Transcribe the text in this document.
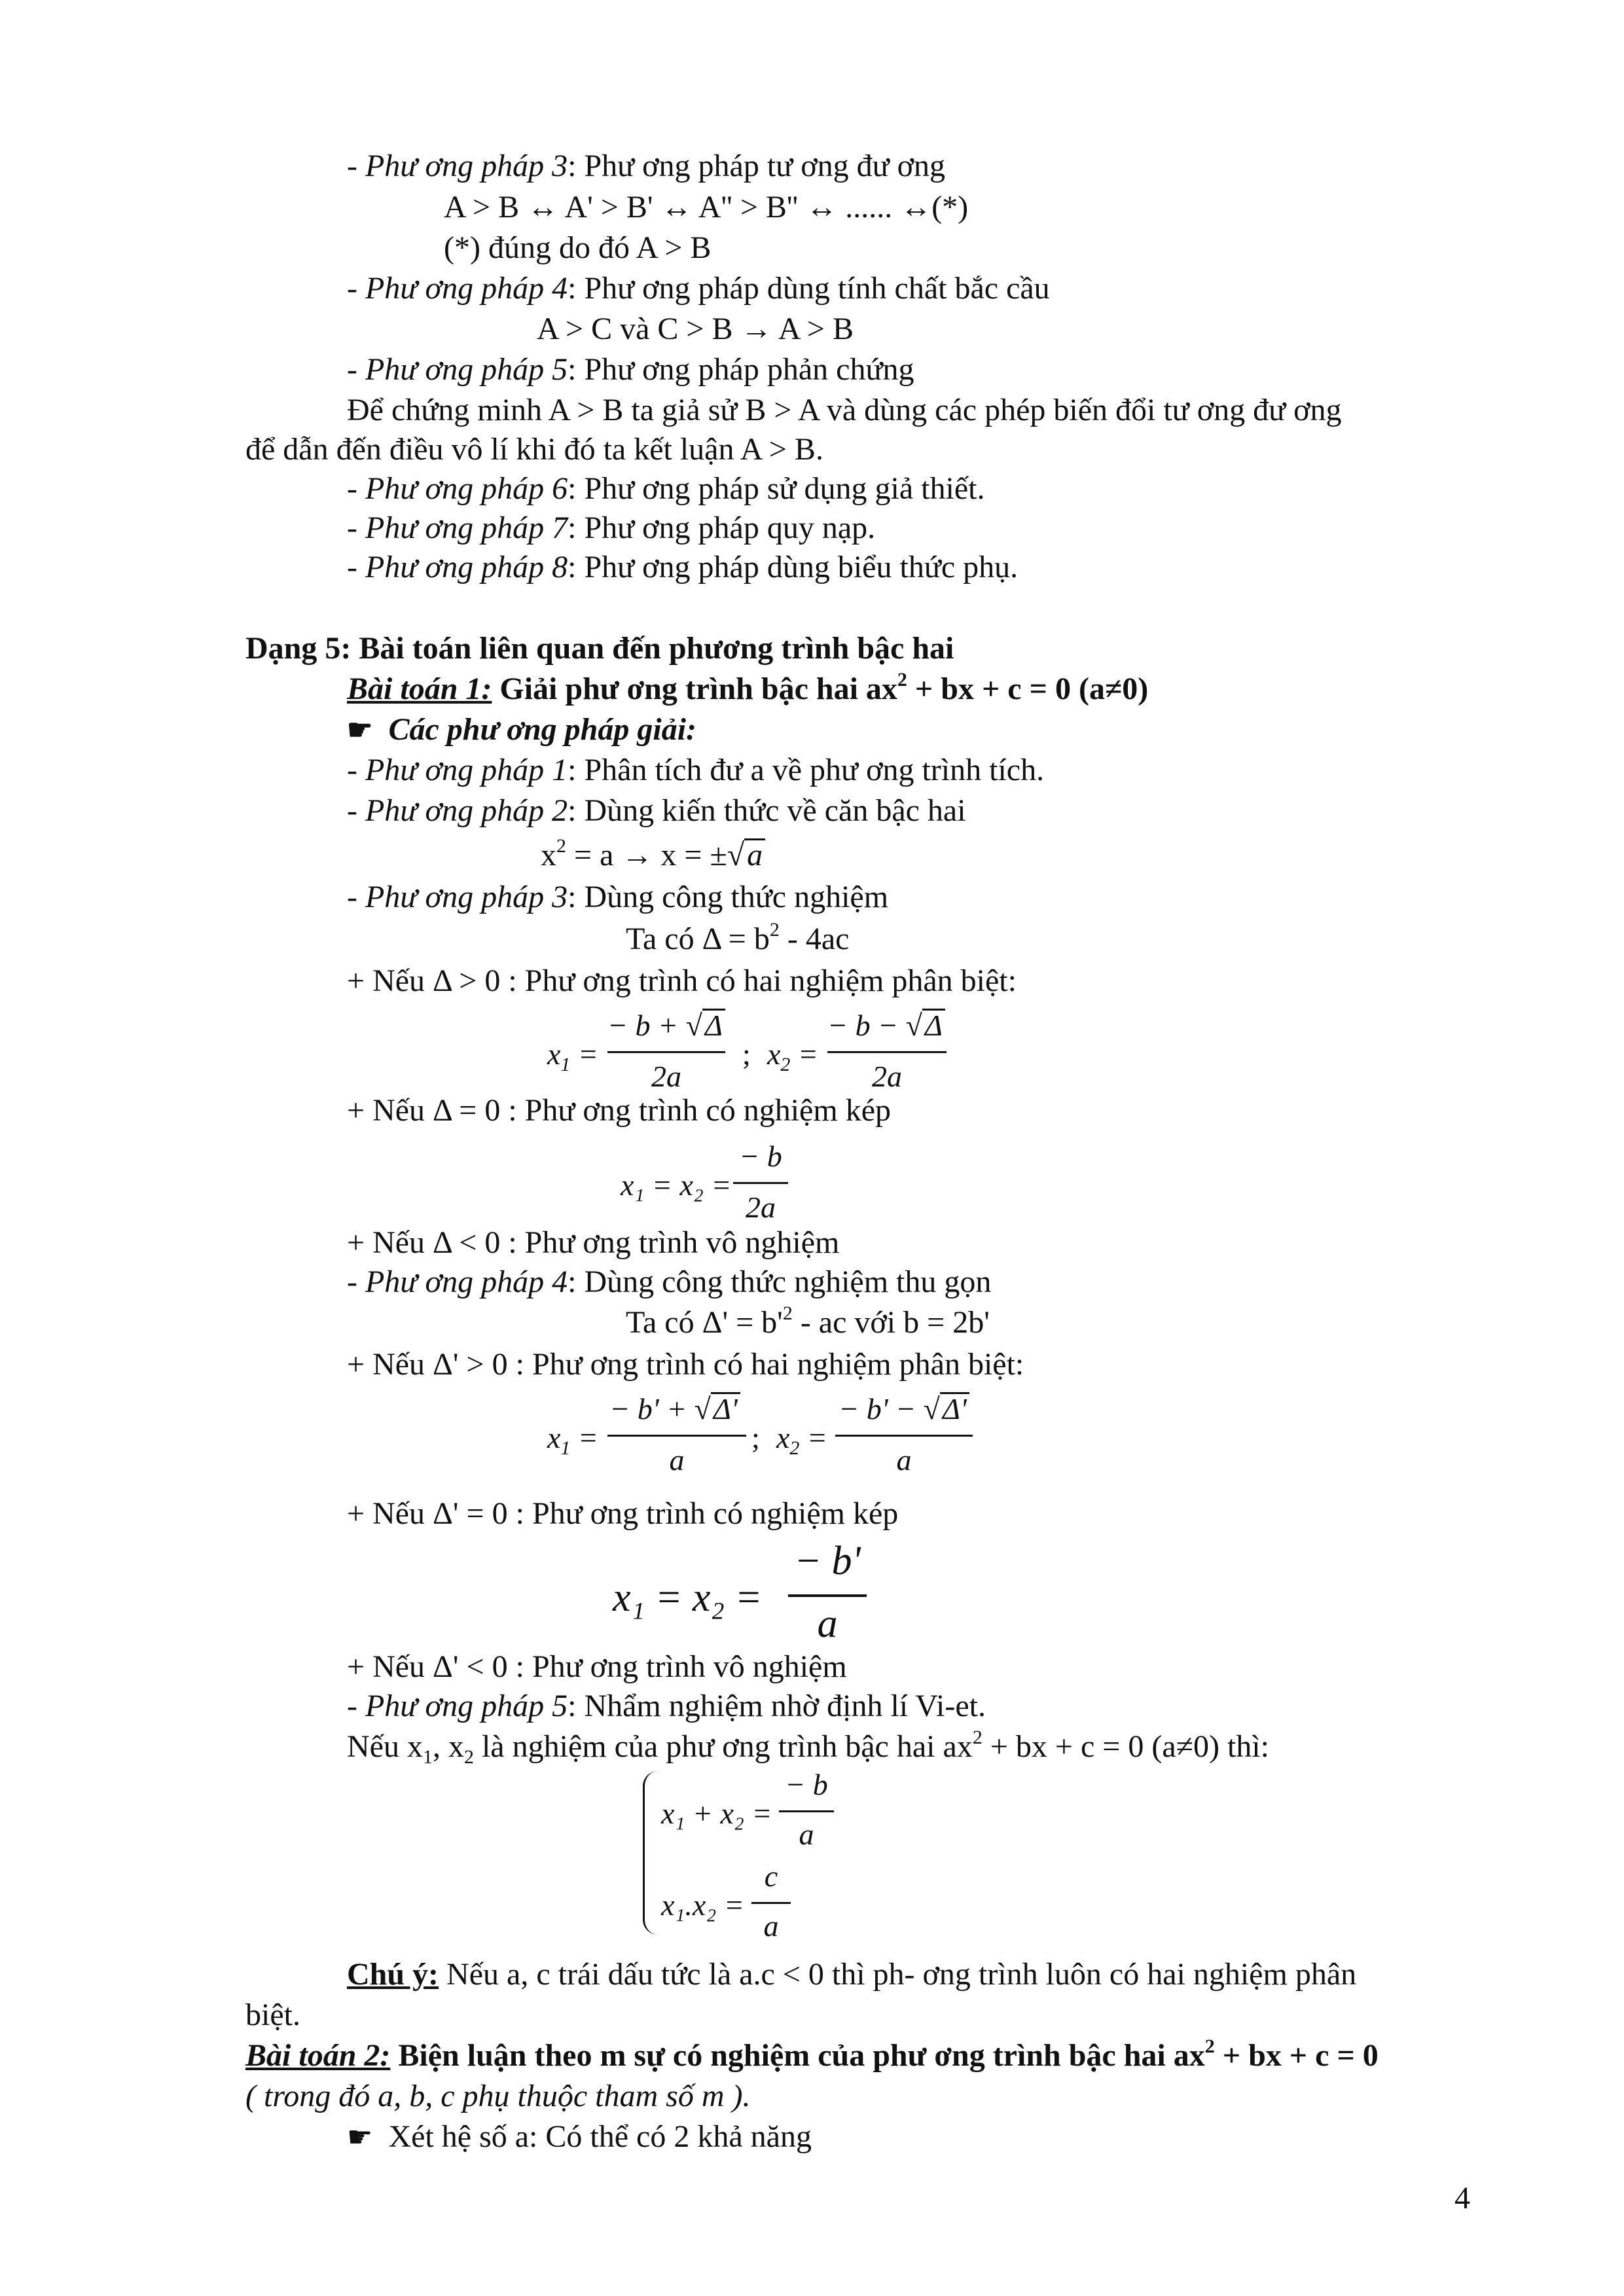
- Phư ơng pháp 3: Phư ơng pháp tư ơng đư ơng
A > B ↔ A' > B' ↔ A'' > B'' ↔ ...... ↔(*)
(*) đúng do đó A > B
- Phư ơng pháp 4: Phư ơng pháp dùng tính chất bắc cầu
A > C và C > B → A > B
- Phư ơng pháp 5: Phư ơng pháp phản chứng
Để chứng minh A > B ta giả sử B > A và dùng các phép biến đổi tư ơng đư ơng
để dẫn đến điều vô lí khi đó ta kết luận A > B.
- Phư ơng pháp 6: Phư ơng pháp sử dụng giả thiết.
- Phư ơng pháp 7: Phư ơng pháp quy nạp.
- Phư ơng pháp 8: Phư ơng pháp dùng biểu thức phụ.
Dạng 5: Bài toán liên quan đến phương trình bậc hai
Bài toán 1: Giải phư ơng trình bậc hai $ax^2$ + bx + c = 0 (a≠0)
☛ Các phư ơng pháp giải:
- Phư ơng pháp 1: Phân tích đư a về phư ơng trình tích.
- Phư ơng pháp 2: Dùng kiến thức về căn bậc hai
$x^2 = a \to x = \pm√a$
- Phư ơng pháp 3: Dùng công thức nghiệm
Ta có $\Delta = b^2 - 4ac$
+ Nếu Δ > 0 : Phư ơng trình có hai nghiệm phân biệt:
$x_1$ =
− b + √Δ
2a
; $x_2$ =
− b − √Δ
2a
+ Nếu Δ = 0 : Phư ơng trình có nghiệm kép
x₁ = x₂ =
− b
2a
+ Nếu Δ < 0 : Phư ơng trình vô nghiệm
- Phư ơng pháp 4: Dùng công thức nghiệm thu gọn
Ta có $\Delta' = b'^2$ - ac với b = 2b'
+ Nếu Δ' > 0 : Phư ơng trình có hai nghiệm phân biệt:
$x_1$ =
− b' + √Δ'
a
; $x_2$ =
− b' − √Δ'
a
+ Nếu Δ' = 0 : Phư ơng trình có nghiệm kép
x₁ = x₂ =
− b'
a
+ Nếu Δ' < 0 : Phư ơng trình vô nghiệm
- Phư ơng pháp 5: Nhẩm nghiệm nhờ định lí Vi-et.
Nếu $x_1$, $x_2$ là nghiệm của phư ơng trình bậc hai $ax^2$ + bx + c = 0 (a≠0) thì:
x₁ + x₂ =
− b
a
x₁.x₂ =
c
a
Chú ý: Nếu a, c trái dấu tức là a.c < 0 thì ph- ơng trình luôn có hai nghiệm phân
biệt.
Bài toán 2: Biện luận theo m sự có nghiệm của phư ơng trình bậc hai $ax^2$ + bx + c = 0
( trong đó a, b, c phụ thuộc tham số m ).
☛ Xét hệ số a: Có thể có 2 khả năng
4
